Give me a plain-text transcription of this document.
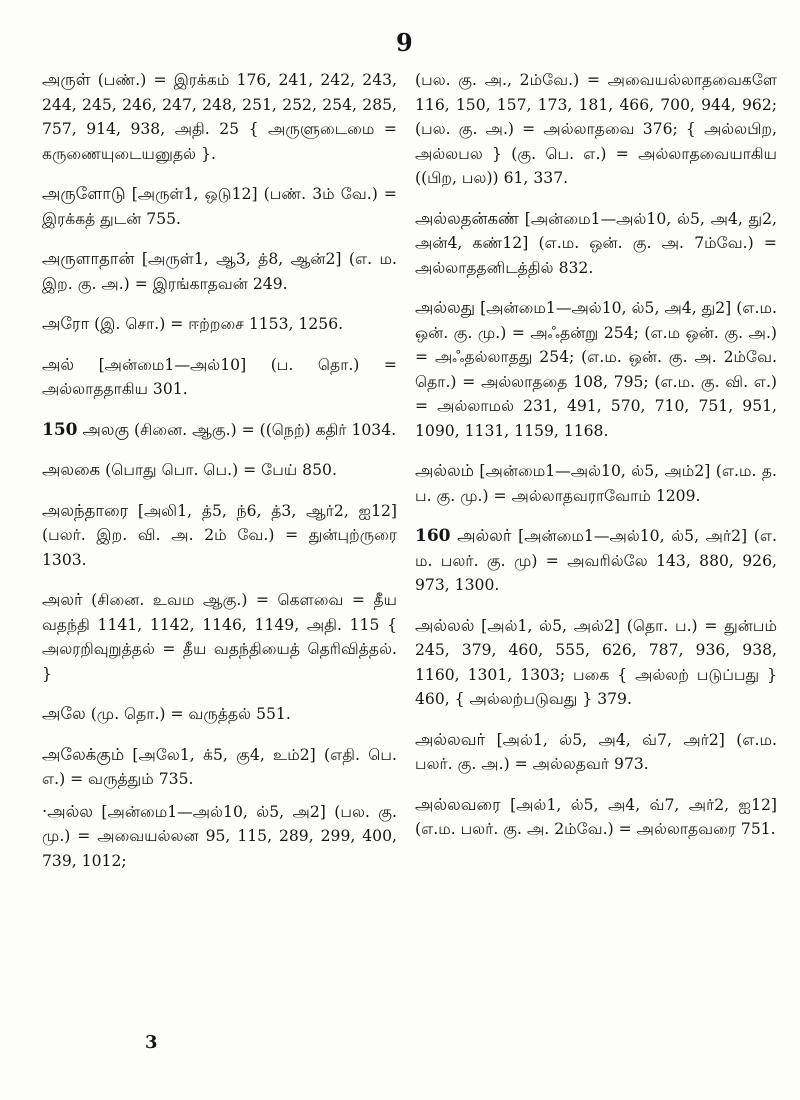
9

அருள் (பண்.) = இரக்கம் 176, 241, 242, 243, 244, 245, 246, 247, 248, 251, 252, 254, 285, 757, 914, 938, அதி. 25 { அருளுடைமை = கருணையுடையனுதல் }.

அருளோடு [அருள்1, ஒடு12] (பண். 3ம் வே.) = இரக்கத் துடன் 755.

அருளாதான் [அருள்1, ஆ3, த்8, ஆன்2] (எ. ம. இற. கு. அ.) = இரங்காதவன் 249.

அரோ (இ. சொ.) = ஈற்றசை 1153, 1256.

அல் [அன்மை1—அல்10] (ப. தொ.) = அல்லாததாகிய 301.

150 அலகு (சினை. ஆகு.) = ((நெற்) கதிர் 1034.

அலகை (பொது பொ. பெ.) = பேய் 850.

அலந்தாரை [அலி1, த்5, ந்6, த்3, ஆர்2, ஐ12] (பலர். இற. வி. அ. 2ம் வே.) = துன்புற்ருரை 1303.

அலர் (சினை. உவம ஆகு.) = கௌவை = தீய வதந்தி 1141, 1142, 1146, 1149, அதி. 115 { அலரறிவுறுத்தல் = தீய வதந்தியைத் தெரிவித்தல். }

அலே (மு. தொ.) = வருத்தல் 551.

அலேக்கும் [அலே1, க்5, கு4, உம்2] (எதி. பெ. எ.) = வருத்தும் 735.

·அல்ல [அன்மை1—அல்10, ல்5, அ2] (பல. கு. மு.) = அவையல்லன 95, 115, 289, 299, 400, 739, 1012;

(பல. கு. அ., 2ம்வே.) = அவையல்லாதவைகளே 116, 150, 157, 173, 181, 466, 700, 944, 962; (பல. கு. அ.) = அல்லாதவை 376; { அல்லபிற, அல்லபல } (கு. பெ. எ.) = அல்லாதவையாகிய ((பிற, பல)) 61, 337.

அல்லதன்கண் [அன்மை1—அல்10, ல்5, அ4, து2, அன்4, கண்12] (எ.ம. ஒன். கு. அ. 7ம்வே.) = அல்லாததனிடத்தில் 832.

அல்லது [அன்மை1—அல்10, ல்5, அ4, து2] (எ.ம. ஒன். கு. மு.) = அஃதன்று 254; (எ.ம ஒன். கு. அ.) = அஃதல்லாதது 254; (எ.ம. ஒன். கு. அ. 2ம்வே. தொ.) = அல்லாததை 108, 795; (எ.ம. கு. வி. எ.) = அல்லாமல் 231, 491, 570, 710, 751, 951, 1090, 1131, 1159, 1168.

அல்லம் [அன்மை1—அல்10, ல்5, அம்2] (எ.ம. த. ப. கு. மு.) = அல்லாதவராவோம் 1209.

160 அல்லர் [அன்மை1—அல்10, ல்5, அர்2] (எ. ம. பலர். கு. மு) = அவரில்லே 143, 880, 926, 973, 1300.

அல்லல் [அல்1, ல்5, அல்2] (தொ. ப.) = துன்பம் 245, 379, 460, 555, 626, 787, 936, 938, 1160, 1301, 1303; பகை { அல்லற் படுப்பது } 460, { அல்லற்படுவது } 379.

அல்லவர் [அல்1, ல்5, அ4, வ்7, அர்2] (எ.ம. பலர். கு. அ.) = அல்லதவர் 973.

அல்லவரை [அல்1, ல்5, அ4, வ்7, அர்2, ஐ12] (எ.ம. பலர். கு. அ. 2ம்வே.) = அல்லாதவரை 751.

3
